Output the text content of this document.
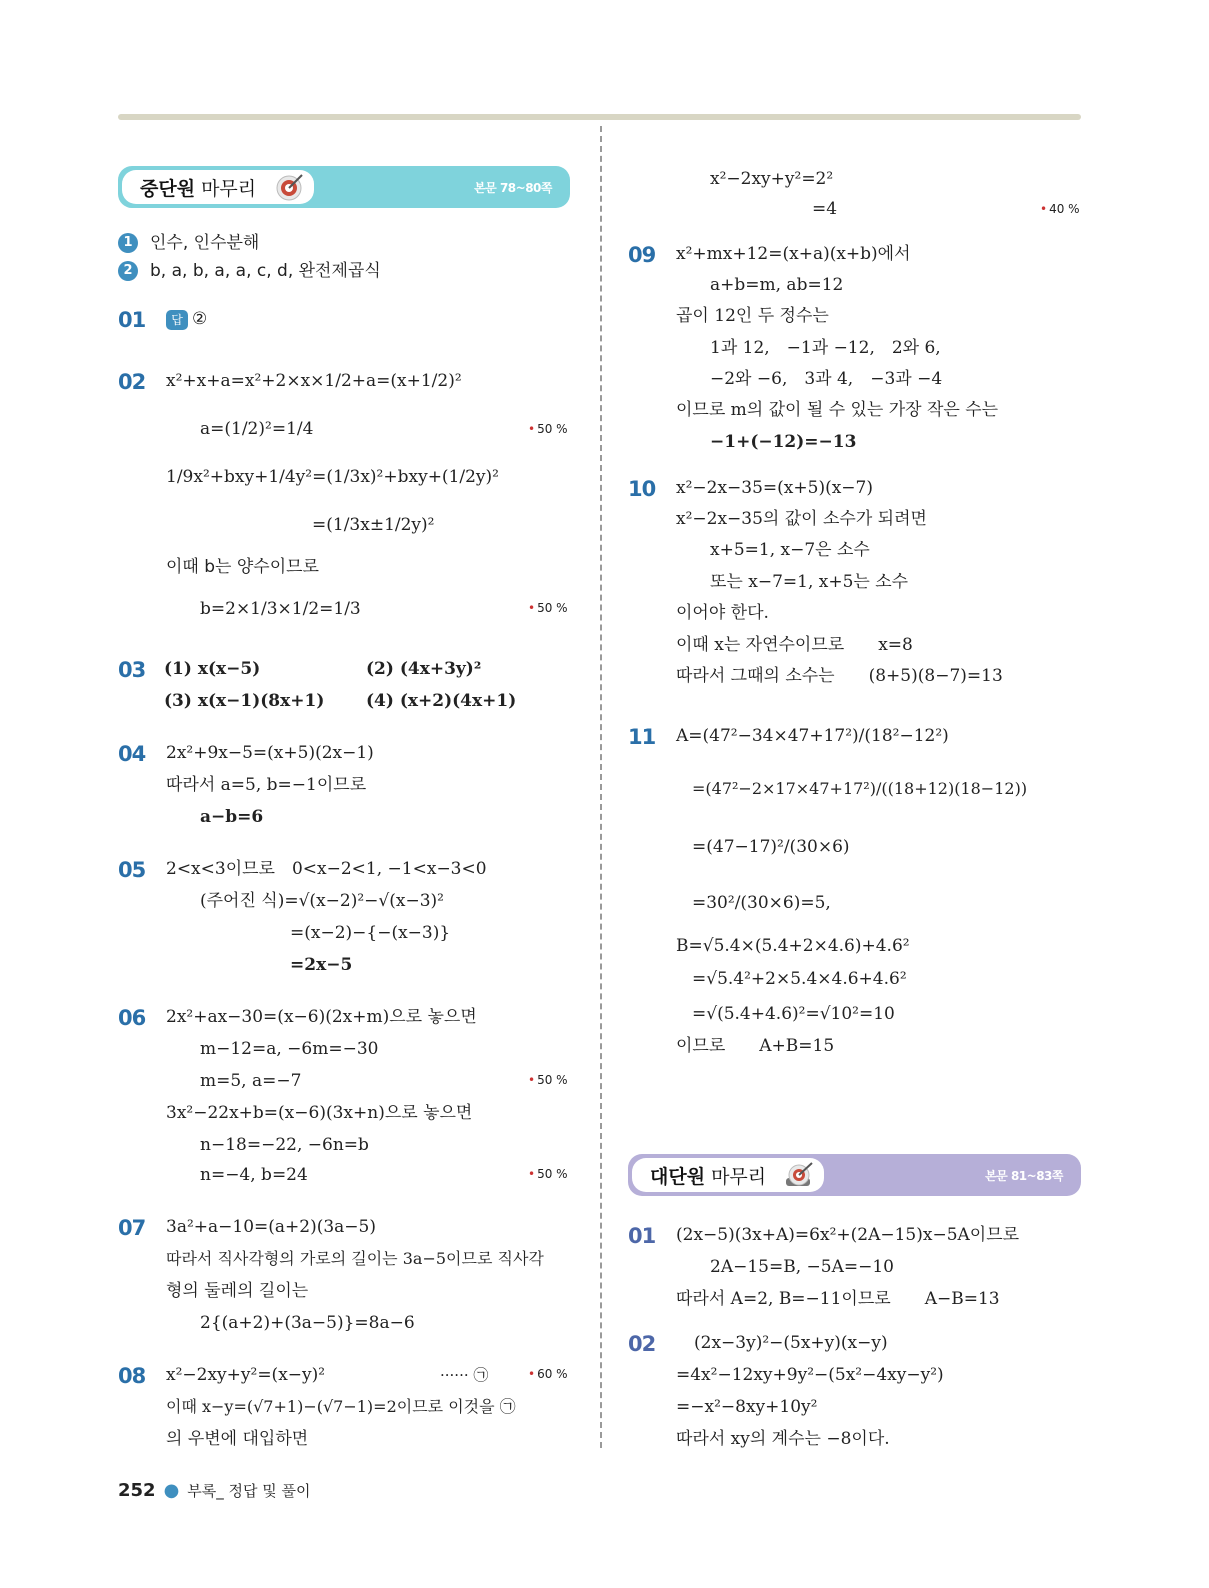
중단원 마무리	본문 78~80쪽
1 인수, 인수분해
2 b, a, b, a, a, c, d, 완전제곱식
01	답 ②
02 x²+x+a=x²+2×x×1/2+a=(x+1/2)²
a=(1/2)²=1/4	• 50 %
1/9x²+bxy+1/4y²=(1/3x)²+bxy+(1/2y)²
=(1/3x±1/2y)²
이때 b는 양수이므로
b=2×1/3×1/2=1/3	• 50 %
03 (1) x(x−5)	(2) (4x+3y)²
(3) x(x−1)(8x+1) (4) (x+2)(4x+1)
04 2x²+9x−5=(x+5)(2x−1)
따라서 a=5, b=−1이므로
a−b=6
05 2<x<3이므로　0<x−2<1, −1<x−3<0
(주어진 식)=√(x−2)²−√(x−3)²
=(x−2)−{−(x−3)}
=2x−5
06 2x²+ax−30=(x−6)(2x+m)으로 놓으면
m−12=a, −6m=−30
m=5, a=−7	• 50 %
3x²−22x+b=(x−6)(3x+n)으로 놓으면
n−18=−22, −6n=b
n=−4, b=24	• 50 %
07 3a²+a−10=(a+2)(3a−5)
따라서 직사각형의 가로의 길이는 3a−5이므로 직사각
형의 둘레의 길이는
2{(a+2)+(3a−5)}=8a−6
08 x²−2xy+y²=(x−y)²	······ ㉠	• 60 %
이때 x−y=(√7+1)−(√7−1)=2이므로 이것을 ㉠
의 우변에 대입하면
x²−2xy+y²=2²
=4	• 40 %
09 x²+mx+12=(x+a)(x+b)에서
a+b=m, ab=12
곱이 12인 두 정수는
1과 12,　−1과 −12,　2와 6,
−2와 −6,　3과 4,　−3과 −4
이므로 m의 값이 될 수 있는 가장 작은 수는
−1+(−12)=−13
10 x²−2x−35=(x+5)(x−7)
x²−2x−35의 값이 소수가 되려면
x+5=1, x−7은 소수
또는 x−7=1, x+5는 소수
이어야 한다.
이때 x는 자연수이므로　　x=8
따라서 그때의 소수는　　(8+5)(8−7)=13
11 A=(47²−34×47+17²)/(18²−12²)
=(47²−2×17×47+17²)/((18+12)(18−12))
=(47−17)²/(30×6)
=30²/(30×6)=5,
B=√5.4×(5.4+2×4.6)+4.6²
=√5.4²+2×5.4×4.6+4.6²
=√(5.4+4.6)²=√10²=10
이므로　　A+B=15
대단원 마무리	본문 81~83쪽
01 (2x−5)(3x+A)=6x²+(2A−15)x−5A이므로
2A−15=B, −5A=−10
따라서 A=2, B=−11이므로　　A−B=13
02 (2x−3y)²−(5x+y)(x−y)
=4x²−12xy+9y²−(5x²−4xy−y²)
=−x²−8xy+10y²
따라서 xy의 계수는 −8이다.
252 ● 부록_ 정답 및 풀이
